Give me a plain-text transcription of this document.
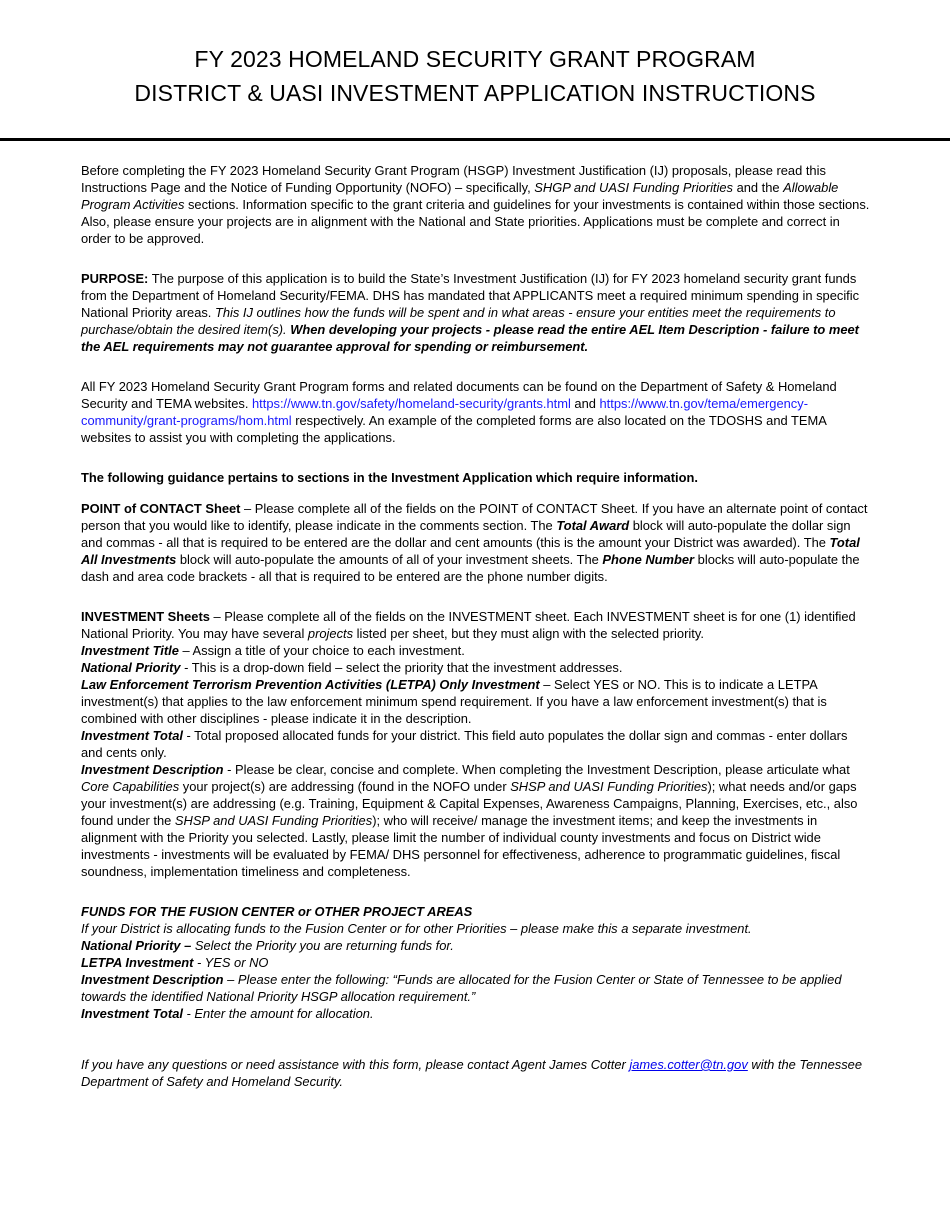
FY 2023 HOMELAND SECURITY GRANT PROGRAM
DISTRICT & UASI INVESTMENT APPLICATION INSTRUCTIONS

Before completing the FY 2023 Homeland Security Grant Program (HSGP) Investment Justification (IJ) proposals, please read this Instructions Page and the Notice of Funding Opportunity (NOFO) – specifically, SHGP and UASI Funding Priorities and the Allowable Program Activities sections. Information specific to the grant criteria and guidelines for your investments is contained within those sections. Also, please ensure your projects are in alignment with the National and State priorities. Applications must be complete and correct in order to be approved.

PURPOSE: The purpose of this application is to build the State’s Investment Justification (IJ) for FY 2023 homeland security grant funds from the Department of Homeland Security/FEMA. DHS has mandated that APPLICANTS meet a required minimum spending in specific National Priority areas. This IJ outlines how the funds will be spent and in what areas - ensure your entities meet the requirements to purchase/obtain the desired item(s). When developing your projects - please read the entire AEL Item Description - failure to meet the AEL requirements may not guarantee approval for spending or reimbursement.

All FY 2023 Homeland Security Grant Program forms and related documents can be found on the Department of Safety & Homeland Security and TEMA websites. https://www.tn.gov/safety/homeland-security/grants.html and https://www.tn.gov/tema/emergency-community/grant-programs/hom.html respectively. An example of the completed forms are also located on the TDOSHS and TEMA websites to assist you with completing the applications.

The following guidance pertains to sections in the Investment Application which require information.

POINT of CONTACT Sheet – Please complete all of the fields on the POINT of CONTACT Sheet. If you have an alternate point of contact person that you would like to identify, please indicate in the comments section. The Total Award block will auto-populate the dollar sign and commas - all that is required to be entered are the dollar and cent amounts (this is the amount your District was awarded). The Total All Investments block will auto-populate the amounts of all of your investment sheets. The Phone Number blocks will auto-populate the dash and area code brackets - all that is required to be entered are the phone number digits.

INVESTMENT Sheets – Please complete all of the fields on the INVESTMENT sheet. Each INVESTMENT sheet is for one (1) identified National Priority. You may have several projects listed per sheet, but they must align with the selected priority.

Investment Title – Assign a title of your choice to each investment.

National Priority - This is a drop-down field – select the priority that the investment addresses.

Law Enforcement Terrorism Prevention Activities (LETPA) Only Investment – Select YES or NO. This is to indicate a LETPA investment(s) that applies to the law enforcement minimum spend requirement. If you have a law enforcement investment(s) that is combined with other disciplines - please indicate it in the description.

Investment Total - Total proposed allocated funds for your district. This field auto populates the dollar sign and commas - enter dollars and cents only.

Investment Description - Please be clear, concise and complete. When completing the Investment Description, please articulate what Core Capabilities your project(s) are addressing (found in the NOFO under SHSP and UASI Funding Priorities); what needs and/or gaps your investment(s) are addressing (e.g. Training, Equipment & Capital Expenses, Awareness Campaigns, Planning, Exercises, etc., also found under the SHSP and UASI Funding Priorities); who will receive/ manage the investment items; and keep the investments in alignment with the Priority you selected. Lastly, please limit the number of individual county investments and focus on District wide investments - investments will be evaluated by FEMA/ DHS personnel for effectiveness, adherence to programmatic guidelines, fiscal soundness, implementation timeliness and completeness.

FUNDS FOR THE FUSION CENTER or OTHER PROJECT AREAS

If your District is allocating funds to the Fusion Center or for other Priorities – please make this a separate investment.

National Priority – Select the Priority you are returning funds for.

LETPA Investment - YES or NO

Investment Description – Please enter the following: “Funds are allocated for the Fusion Center or State of Tennessee to be applied towards the identified National Priority HSGP allocation requirement.”

Investment Total - Enter the amount for allocation.

If you have any questions or need assistance with this form, please contact Agent James Cotter james.cotter@tn.gov with the Tennessee Department of Safety and Homeland Security.
